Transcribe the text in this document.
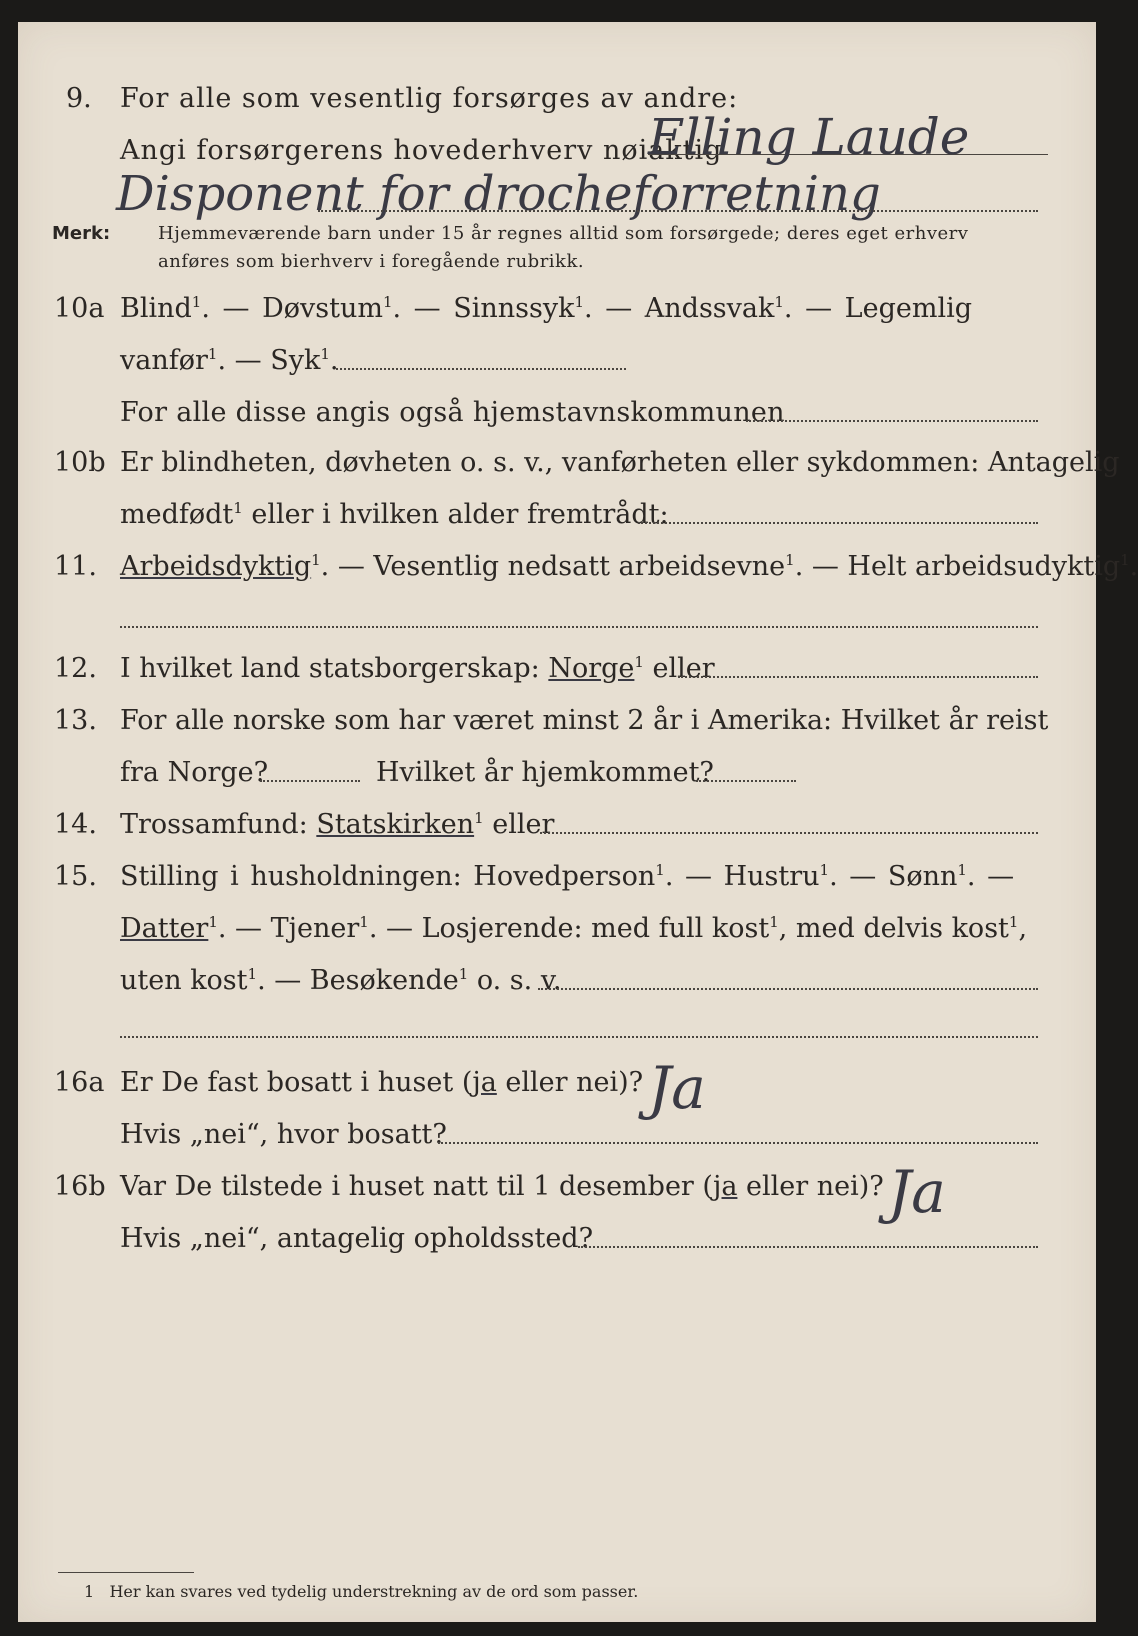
9. For alle som vesentlig forsørges av andre:
Angi forsørgerens hovederhverv nøiaktig
Elling Laude
Disponent for drocheforretning
Merk:	Hjemmeværende barn under 15 år regnes alltid som forsørgede; deres eget erhverv
anføres som bierhverv i foregående rubrikk.
10a Blind$^1$. — Døvstum$^1$. — Sinnssyk$^1$. — Andssvak$^1$. — Legemlig
vanfør$^1$. — Syk$^1$.
For alle disse angis også hjemstavnskommunen
10b Er blindheten, døvheten o. s. v., vanførheten eller sykdommen: Antagelig
medfødt$^1$ eller i hvilken alder fremtrådt:
11. Arbeidsdyktig$^1$. — Vesentlig nedsatt arbeidsevne$^1$. — Helt arbeidsudyktig$^1$.
12. I hvilket land statsborgerskap: Norge$^1$ eller
13. For alle norske som har været minst 2 år i Amerika: Hvilket år reist
fra Norge?	Hvilket år hjemkommet?
14. Trossamfund: Statskirken$^1$ eller
15. Stilling i husholdningen: Hovedperson$^1$. — Hustru$^1$. — Sønn$^1$. —
Datter$^1$. — Tjener$^1$. — Losjerende: med full kost$^1$, med delvis kost$^1$,
uten kost$^1$. — Besøkende$^1$ o. s. v.
16a Er De fast bosatt i huset (ja eller nei)? Ja
Hvis „nei“, hvor bosatt?
16b Var De tilstede i huset natt til 1 desember (ja eller nei)? Ja
Hvis „nei“, antagelig opholdssted?
1 Her kan svares ved tydelig understrekning av de ord som passer.
